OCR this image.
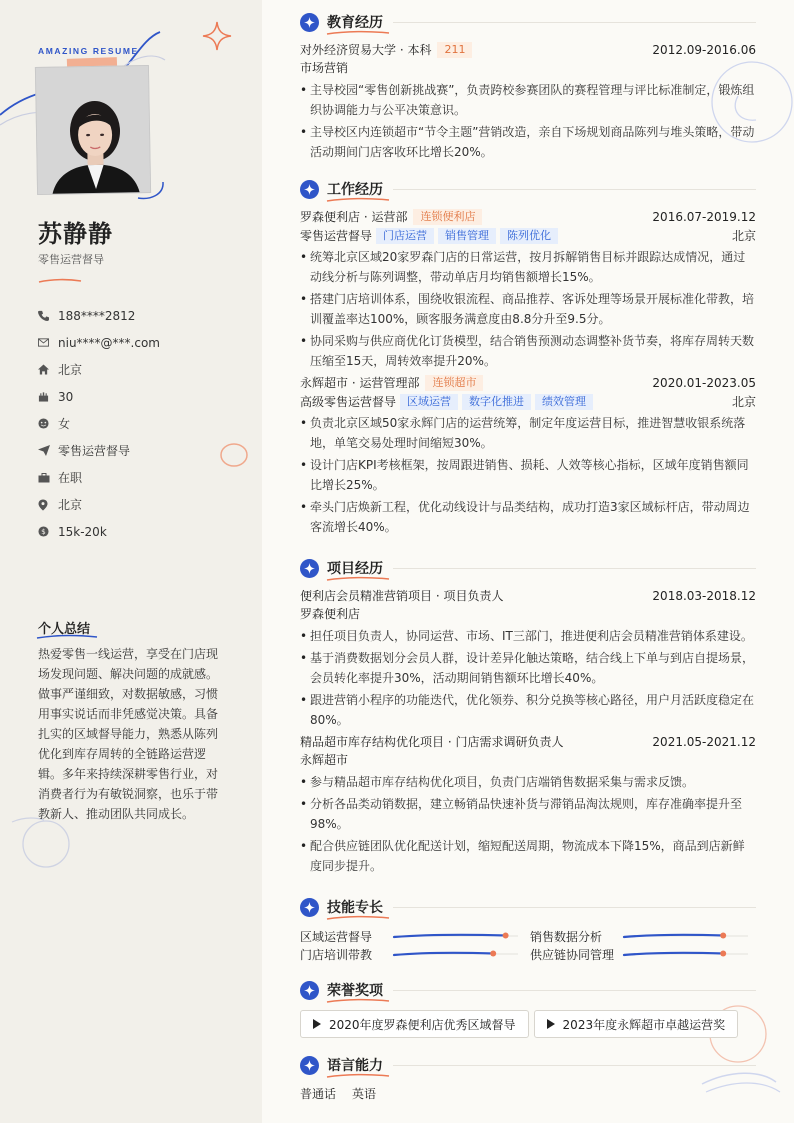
AMAZING RESUME
苏静静
零售运营督导
188****2812
niu****@***.com
北京
30
女
零售运营督导
在职
北京
$ 15k-20k
个人总结
热爱零售一线运营，享受在门店现场发现问题、解决问题的成就感。做事严谨细致，对数据敏感，习惯用事实说话而非凭感觉决策。具备扎实的区域督导能力，熟悉从陈列优化到库存周转的全链路运营逻辑。多年来持续深耕零售行业，对消费者行为有敏锐洞察，也乐于带教新人、推动团队共同成长。
教育经历
对外经济贸易大学 · 本科	211	2012.09-2016.06
市场营销
• 主导校园“零售创新挑战赛”，负责跨校参赛团队的赛程管理与评比标准制定，锻炼组织协调能力与公平决策意识。
• 主导校区内连锁超市“节令主题”营销改造，亲自下场规划商品陈列与堆头策略，带动活动期间门店客收环比增长20%。
工作经历
罗森便利店 · 运营部	连锁便利店	2016.07-2019.12
零售运营督导	门店运营	销售管理	陈列优化	北京
• 统筹北京区域20家罗森门店的日常运营，按月拆解销售目标并跟踪达成情况，通过动线分析与陈列调整，带动单店月均销售额增长15%。
• 搭建门店培训体系，围绕收银流程、商品推荐、客诉处理等场景开展标准化带教，培训覆盖率达100%，顾客服务满意度由8.8分升至9.5分。
• 协同采购与供应商优化订货模型，结合销售预测动态调整补货节奏，将库存周转天数压缩至15天，周转效率提升20%。
永辉超市 · 运营管理部	连锁超市	2020.01-2023.05
高级零售运营督导	区域运营	数字化推进	绩效管理	北京
• 负责北京区域50家永辉门店的运营统筹，制定年度运营目标，推进智慧收银系统落地，单笔交易处理时间缩短30%。
• 设计门店KPI考核框架，按周跟进销售、损耗、人效等核心指标，区域年度销售额同比增长25%。
• 牵头门店焕新工程，优化动线设计与品类结构，成功打造3家区域标杆店，带动周边客流增长40%。
项目经历
便利店会员精准营销项目 · 项目负责人	2018.03-2018.12
罗森便利店
• 担任项目负责人，协同运营、市场、IT三部门，推进便利店会员精准营销体系建设。
• 基于消费数据划分会员人群，设计差异化触达策略，结合线上下单与到店自提场景，会员转化率提升30%，活动期间销售额环比增长40%。
• 跟进营销小程序的功能迭代，优化领券、积分兑换等核心路径，用户月活跃度稳定在80%。
精品超市库存结构优化项目 · 门店需求调研负责人	2021.05-2021.12
永辉超市
• 参与精品超市库存结构优化项目，负责门店端销售数据采集与需求反馈。
• 分析各品类动销数据，建立畅销品快速补货与滞销品淘汰规则，库存准确率提升至98%。
• 配合供应链团队优化配送计划，缩短配送周期，物流成本下降15%，商品到店新鲜度同步提升。
技能专长
区域运营督导	销售数据分析
门店培训带教	供应链协同管理
荣誉奖项
2020年度罗森便利店优秀区域督导	2023年度永辉超市卓越运营奖
语言能力
普通话 英语
